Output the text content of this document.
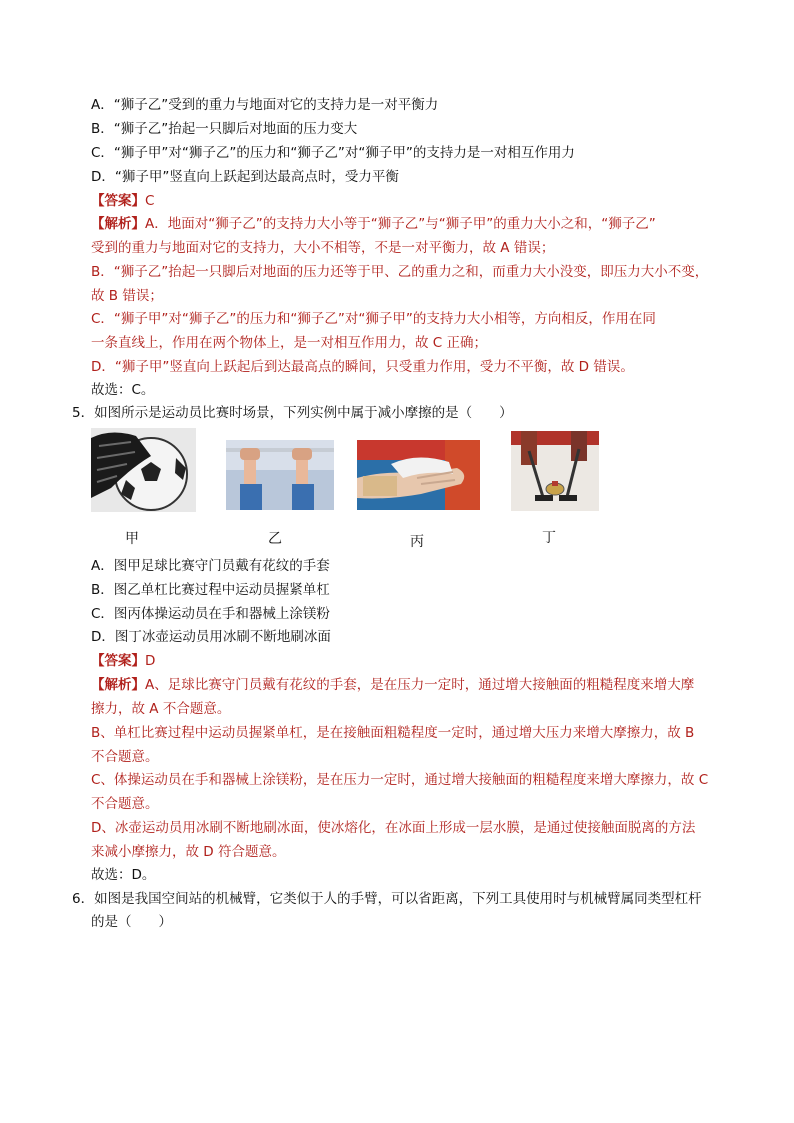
A．“狮子乙”受到的重力与地面对它的支持力是一对平衡力
B．“狮子乙”抬起一只脚后对地面的压力变大
C．“狮子甲”对“狮子乙”的压力和“狮子乙”对“狮子甲”的支持力是一对相互作用力
D．“狮子甲”竖直向上跃起到达最高点时，受力平衡
【答案】C
【解析】A．地面对“狮子乙”的支持力大小等于“狮子乙”与“狮子甲”的重力大小之和，“狮子乙”
受到的重力与地面对它的支持力，大小不相等，不是一对平衡力，故 A 错误；
B．“狮子乙”抬起一只脚后对地面的压力还等于甲、乙的重力之和，而重力大小没变，即压力大小不变，
故 B 错误；
C．“狮子甲”对“狮子乙”的压力和“狮子乙”对“狮子甲”的支持力大小相等，方向相反，作用在同
一条直线上，作用在两个物体上，是一对相互作用力，故 C 正确；
D．“狮子甲”竖直向上跃起后到达最高点的瞬间，只受重力作用，受力不平衡，故 D 错误。
故选：C。
5．如图所示是运动员比赛时场景，下列实例中属于减小摩擦的是（　　）
甲	乙	丙	丁
A．图甲足球比赛守门员戴有花纹的手套
B．图乙单杠比赛过程中运动员握紧单杠
C．图丙体操运动员在手和器械上涂镁粉
D．图丁冰壶运动员用冰刷不断地刷冰面
【答案】D
【解析】A、足球比赛守门员戴有花纹的手套，是在压力一定时，通过增大接触面的粗糙程度来增大摩
擦力，故 A 不合题意。
B、单杠比赛过程中运动员握紧单杠，是在接触面粗糙程度一定时，通过增大压力来增大摩擦力，故 B
不合题意。
C、体操运动员在手和器械上涂镁粉，是在压力一定时，通过增大接触面的粗糙程度来增大摩擦力，故 C
不合题意。
D、冰壶运动员用冰刷不断地刷冰面，使冰熔化，在冰面上形成一层水膜，是通过使接触面脱离的方法
来减小摩擦力，故 D 符合题意。
故选：D。
6．如图是我国空间站的机械臂，它类似于人的手臂，可以省距离，下列工具使用时与机械臂属同类型杠杆
的是（　　）
